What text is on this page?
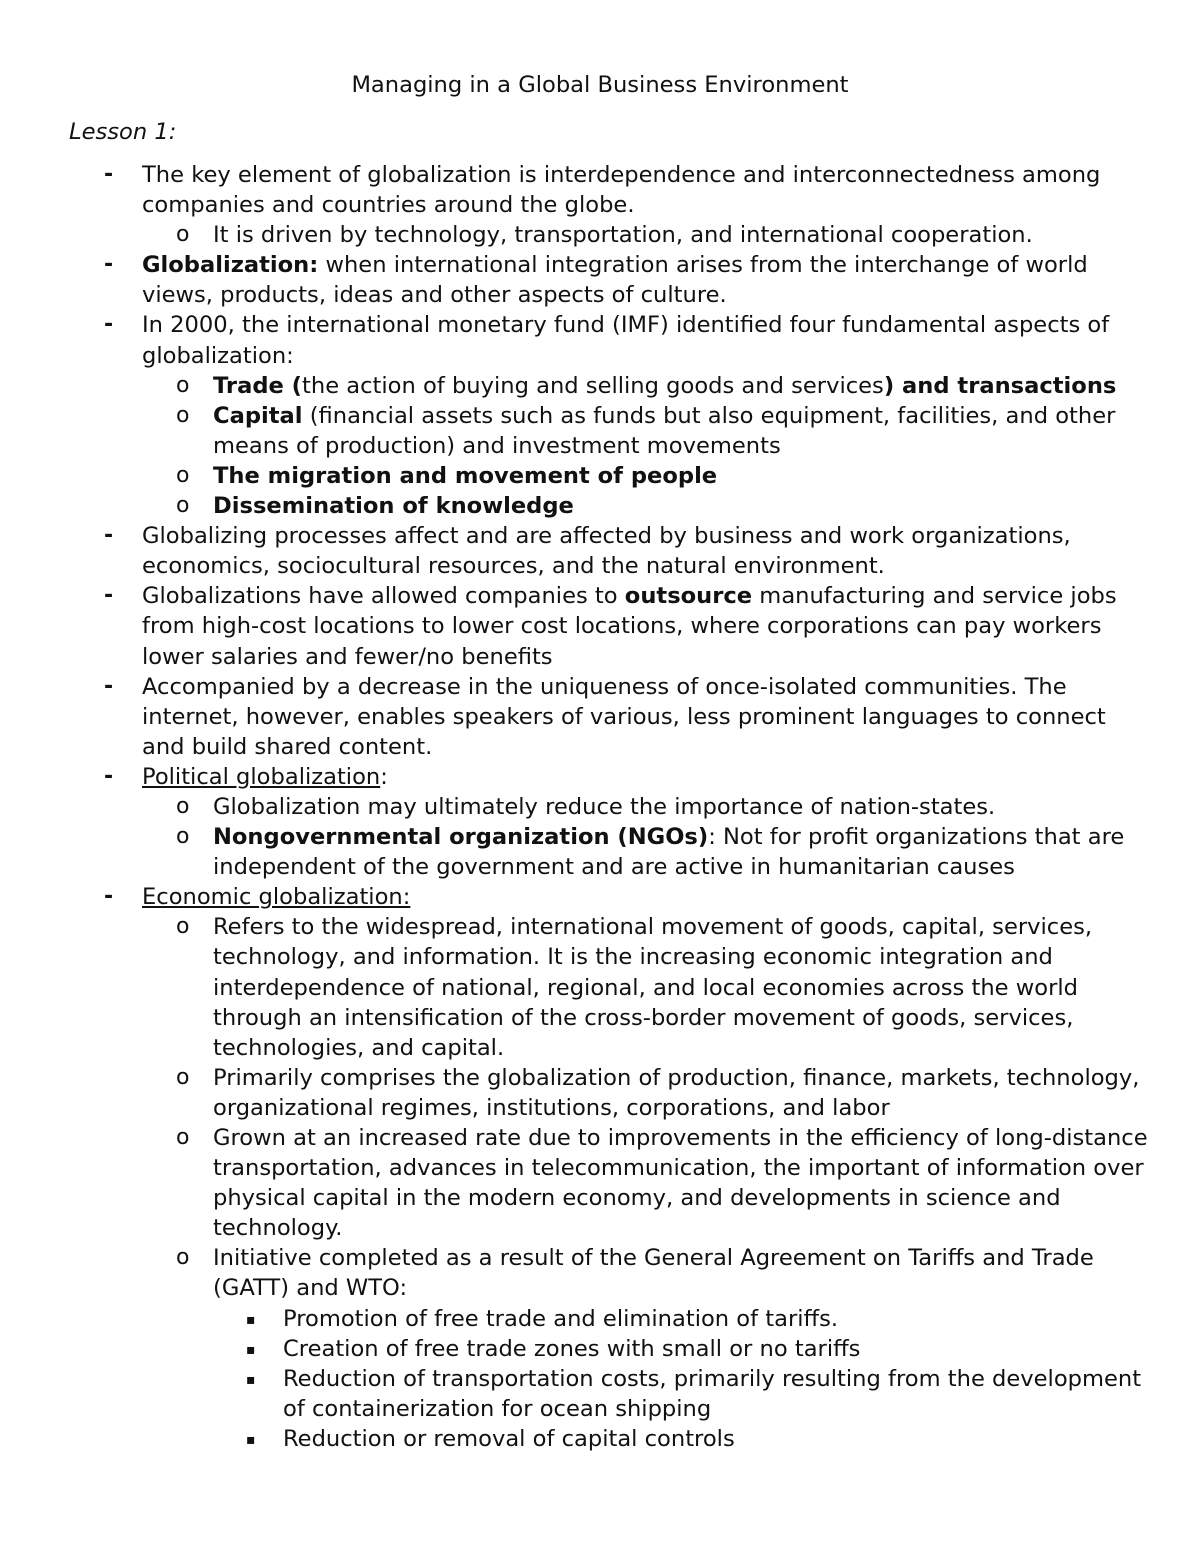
Managing in a Global Business Environment
Lesson 1:
- The key element of globalization is interdependence and interconnectedness among companies and countries around the globe.
o It is driven by technology, transportation, and international cooperation.
- Globalization: when international integration arises from the interchange of world views, products, ideas and other aspects of culture.
- In 2000, the international monetary fund (IMF) identified four fundamental aspects of globalization:
o Trade (the action of buying and selling goods and services) and transactions
o Capital (financial assets such as funds but also equipment, facilities, and other means of production) and investment movements
o The migration and movement of people
o Dissemination of knowledge
- Globalizing processes affect and are affected by business and work organizations, economics, sociocultural resources, and the natural environment.
- Globalizations have allowed companies to outsource manufacturing and service jobs from high-cost locations to lower cost locations, where corporations can pay workers lower salaries and fewer/no benefits
- Accompanied by a decrease in the uniqueness of once-isolated communities. The internet, however, enables speakers of various, less prominent languages to connect and build shared content.
- Political globalization:
o Globalization may ultimately reduce the importance of nation-states.
o Nongovernmental organization (NGOs): Not for profit organizations that are independent of the government and are active in humanitarian causes
- Economic globalization:
o Refers to the widespread, international movement of goods, capital, services, technology, and information. It is the increasing economic integration and interdependence of national, regional, and local economies across the world through an intensification of the cross-border movement of goods, services, technologies, and capital.
o Primarily comprises the globalization of production, finance, markets, technology, organizational regimes, institutions, corporations, and labor
o Grown at an increased rate due to improvements in the efficiency of long-distance transportation, advances in telecommunication, the important of information over physical capital in the modern economy, and developments in science and technology.
o Initiative completed as a result of the General Agreement on Tariffs and Trade (GATT) and WTO:
▪ Promotion of free trade and elimination of tariffs.
▪ Creation of free trade zones with small or no tariffs
▪ Reduction of transportation costs, primarily resulting from the development of containerization for ocean shipping
▪ Reduction or removal of capital controls
